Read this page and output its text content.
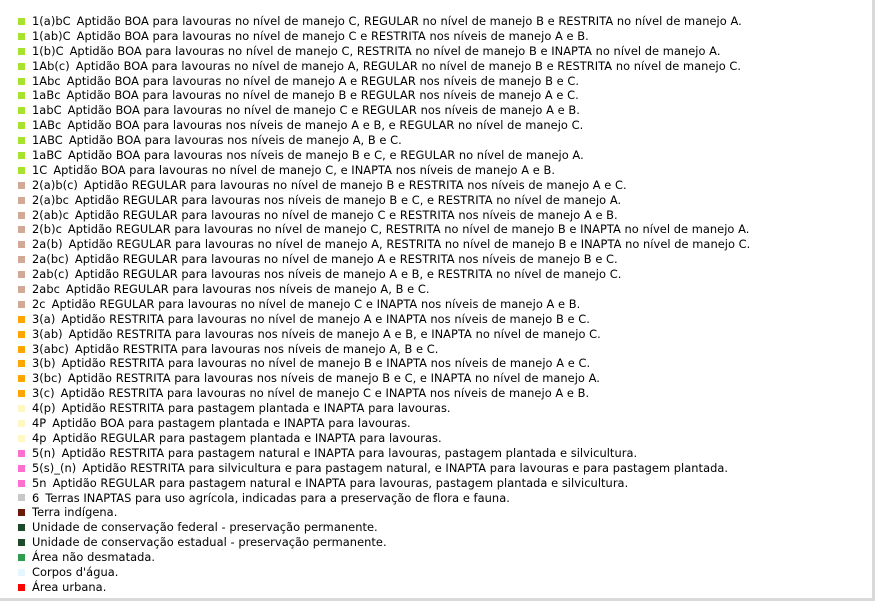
1(a)bC Aptidão BOA para lavouras no nível de manejo C, REGULAR no nível de manejo B e RESTRITA no nível de manejo A.
1(ab)C Aptidão BOA para lavouras no nível de manejo C e RESTRITA nos níveis de manejo A e B.
1(b)C Aptidão BOA para lavouras no nível de manejo C, RESTRITA no nível de manejo B e INAPTA no nível de manejo A.
1Ab(c) Aptidão BOA para lavouras no nível de manejo A, REGULAR no nível de manejo B e RESTRITA no nível de manejo C.
1Abc Aptidão BOA para lavouras no nível de manejo A e REGULAR nos níveis de manejo B e C.
1aBc Aptidão BOA para lavouras no nível de manejo B e REGULAR nos níveis de manejo A e C.
1abC Aptidão BOA para lavouras no nível de manejo C e REGULAR nos níveis de manejo A e B.
1ABc Aptidão BOA para lavouras nos níveis de manejo A e B, e REGULAR no nível de manejo C.
1ABC Aptidão BOA para lavouras nos níveis de manejo A, B e C.
1aBC Aptidão BOA para lavouras nos níveis de manejo B e C, e REGULAR no nível de manejo A.
1C Aptidão BOA para lavouras no nível de manejo C, e INAPTA nos níveis de manejo A e B.
2(a)b(c) Aptidão REGULAR para lavouras no nível de manejo B e RESTRITA nos níveis de manejo A e C.
2(a)bc Aptidão REGULAR para lavouras nos níveis de manejo B e C, e RESTRITA no nível de manejo A.
2(ab)c Aptidão REGULAR para lavouras no nível de manejo C e RESTRITA nos níveis de manejo A e B.
2(b)c Aptidão REGULAR para lavouras no nível de manejo C, RESTRITA no nível de manejo B e INAPTA no nível de manejo A.
2a(b) Aptidão REGULAR para lavouras no nível de manejo A, RESTRITA no nível de manejo B e INAPTA no nível de manejo C.
2a(bc) Aptidão REGULAR para lavouras no nível de manejo A e RESTRITA nos níveis de manejo B e C.
2ab(c) Aptidão REGULAR para lavouras nos níveis de manejo A e B, e RESTRITA no nível de manejo C.
2abc Aptidão REGULAR para lavouras nos níveis de manejo A, B e C.
2c Aptidão REGULAR para lavouras no nível de manejo C e INAPTA nos níveis de manejo A e B.
3(a) Aptidão RESTRITA para lavouras no nível de manejo A e INAPTA nos níveis de manejo B e C.
3(ab) Aptidão RESTRITA para lavouras nos níveis de manejo A e B, e INAPTA no nível de manejo C.
3(abc) Aptidão RESTRITA para lavouras nos níveis de manejo A, B e C.
3(b) Aptidão RESTRITA para lavouras no nível de manejo B e INAPTA nos níveis de manejo A e C.
3(bc) Aptidão RESTRITA para lavouras nos níveis de manejo B e C, e INAPTA no nível de manejo A.
3(c) Aptidão RESTRITA para lavouras no nível de manejo C e INAPTA nos níveis de manejo A e B.
4(p) Aptidão RESTRITA para pastagem plantada e INAPTA para lavouras.
4P Aptidão BOA para pastagem plantada e INAPTA para lavouras.
4p Aptidão REGULAR para pastagem plantada e INAPTA para lavouras.
5(n) Aptidão RESTRITA para pastagem natural e INAPTA para lavouras, pastagem plantada e silvicultura.
5(s)_(n) Aptidão RESTRITA para silvicultura e para pastagem natural, e INAPTA para lavouras e para pastagem plantada.
5n Aptidão REGULAR para pastagem natural e INAPTA para lavouras, pastagem plantada e silvicultura.
6 Terras INAPTAS para uso agrícola, indicadas para a preservação de flora e fauna.
Terra indígena.
Unidade de conservação federal - preservação permanente.
Unidade de conservação estadual - preservação permanente.
Área não desmatada.
Corpos d'água.
Área urbana.
